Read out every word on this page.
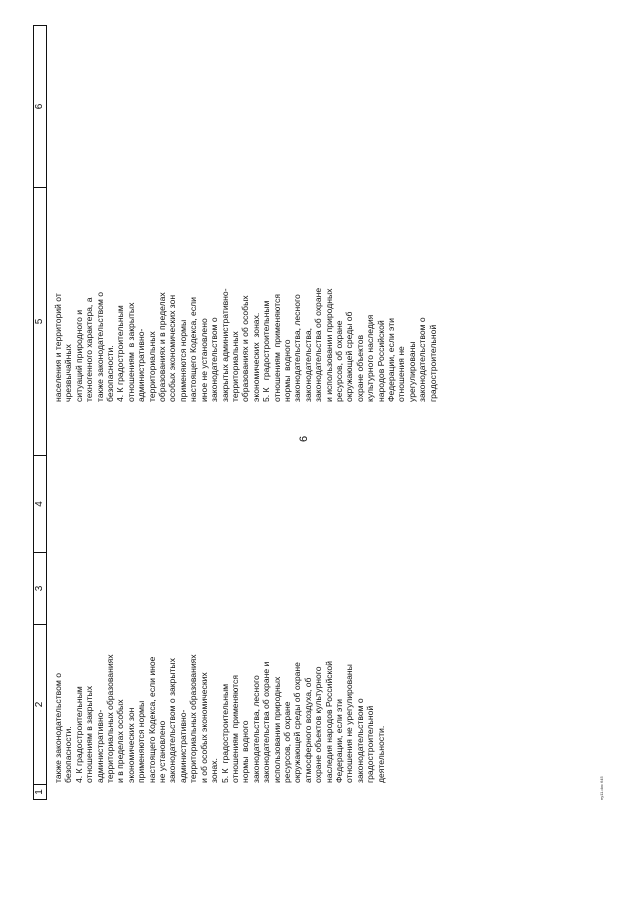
1
2
3
4
5
6
также законодательством о безопасности. 4. К градостроительным отношениям в закрытых административно- территориальных образованиях и в пределах особых экономических зон применяются нормы настоящего Кодекса, если иное не установлено законодательством о закрытых административно- территориальных образованиях и об особых экономических зонах. 5. К  градостроительным отношениям  применяются нормы  водного законодательства, лесного законодательства об охране и использовании природных ресурсов, об охране окружающей среды об охране атмосферного воздуха, об охране объектов культурного наследия народов Российской Федерации, если эти отношения не урегулированы законодательством о градостроительной деятельности.
населения и территорий от чрезвычайных ситуаций природного и техногенного характера, а также законодательством о безопасности. 4. К градостроительным отношениям  в закрытых административно- территориальных образованиях и в пределах особых экономических зон применяются нормы настоящего Кодекса, если иное не установлено законодательством о закрытых административно- территориальных образованиях и об особых экономических  зонах. 5. К   градостроительным отношениям  применяются нормы  водного законодательства, лесного законодательства, законодательства об охране и использовании природных ресурсов, об охране окружающей среды об охране объектов культурного наследия народов Российской Федерации, если эти отношения не урегулированы законодательством о градостроительной
6
ey11.doc 645
